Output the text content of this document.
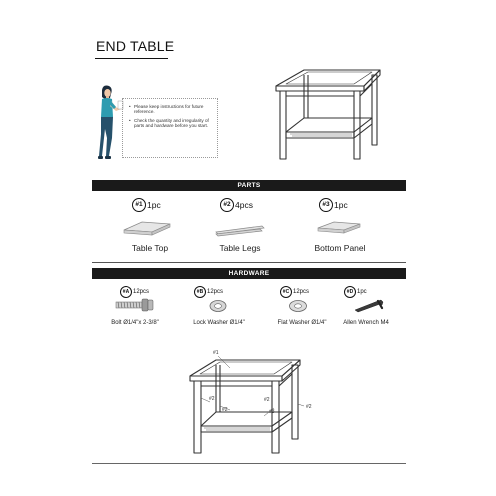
END TABLE
• Please keep instructions for future reference.
• Check the quantity and irregularity of parts and hardware before you start.
PARTS
#1 1pc	#2 4pcs	#3 1pc
Table Top	Table Legs	Bottom Panel
HARDWARE
#A 12pcs	#B 12pcs	#C 12pcs	#D 1pc
Bolt Ø1/4"x 2-3/8"	Lock Washer Ø1/4"	Flat Washer Ø1/4"	Allen Wrench M4
#1
#2
#2
#2
#3
#2
